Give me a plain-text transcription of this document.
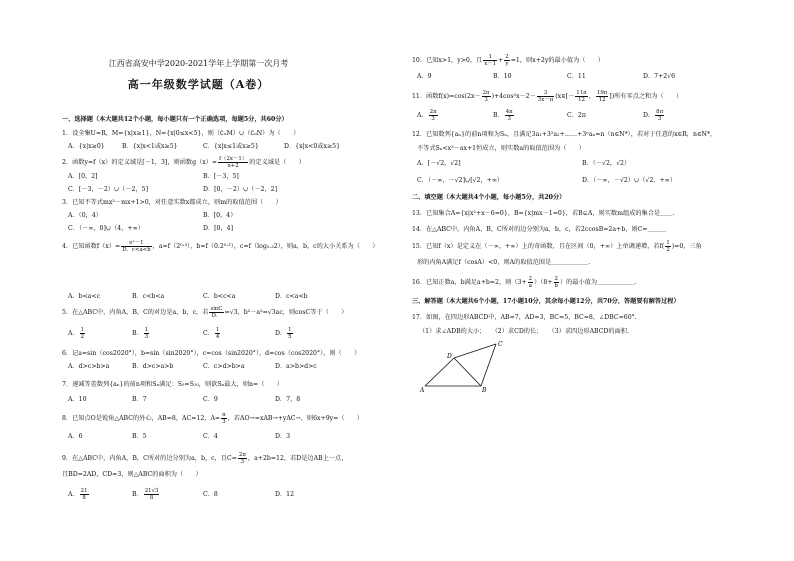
江西省高安中学2020-2021学年上学期第一次月考
高一年级数学试题（A卷）
一、选择题（本大题共12个小题，每小题只有一个正确选项，每题5分，共60分）
1．设全集U=R，M={x|x≥1}，N={x|0≤x<5}，则（∁ᵤM）∪（∁ᵤN）为（　　）
A．{x|x≥0}	B．{x|x<1或x≥5}	C．{x|x≤1或x≥5}	D．{x|x<0或x≥5}
2．函数y=f（x）的定义域是[－1，3]，则函数$g(x)= \frac{f(2x-1)}{x+2}$ 的定义域是（　　）
A．[0，2]	B．[－3，5]
C．[－3，－2）∪（－2，5]	D．[0，－2）∪（－2，2]
3．已知不等式mx²－mx+1>0，对任意实数x都成立，则m的取值范围（　　）
A．（0，4）	B．[0，4）
C．（－∞，0]∪（4，+∞）	D．[0，4]
4．已知函数$f(x)= \frac{\text{eˣ－1}}{D.c<a<b}$ ，a=f（2⁰·³），b=f（0.2⁰·³），c=f（log₀.₃2），则a，b，c的大小关系为（　　）
A．b<a<c	B．c<b<a	C．b<c<a	D．c<a<b
5．在△ABC中，内角A，B，C的对边是a，b，c，若 $\frac{\sin C}{D.} =√3$，b²－a²=√3ac，则cosC等于（　　）
A． $\frac{1}{2}$	B． $\frac{1}{3}$	C． $\frac{1}{4}$	D． $\frac{1}{5}$
6．记a=sin（cos2020°），b=sin（sin2020°），c=cos（sin2020°），d=cos（cos2020°），则（　　）
A．d>c>b>a	B．d>c>a>b	C．c>d>b>a	D．a>b>d>c
7．递减等差数列{aₙ}的前n项和Sₙ满足：S₅=S₁₀，则欲Sₙ最大，则n=（　　）
A．10	B．7	C．9	D．7，8
8．已知点O是锐角△ABC的外心，AB=8，AC=12，$A= \frac{\pi}{3}$ ，若AO→=xAB→+yAC→，则6x+9y=（　　）
A．6	B．5	C．4	D．3
9．在△ABC中，内角A，B，C所对的边分别为a，b，c，且$C= \frac{2\pi}{3}$ ，a+2b=12，若D是边AB上一点，
且BD=2AD，CD=3，则△ABC的面积为（　　）
A． $\frac{21}{8}$	B． $\frac{21√3}{8}$	C．8	D．12
10．已知x>1，y>0，且 $\frac{1}{x-1} + \frac{2}{y} =1$，则x+2y的最小值为（　　）
A．9	B．10	C．11	D．7+2√6
11．函数$f(x)=\cos(2x- \frac{2\pi}{3} )+4\cos^2x-2- \frac{3}{3x-\pi}$ (x∈[－ $\frac{11\pi}{12}$ ， $\frac{19\pi}{12}$ ])所有零点之和为（　　）
A． $\frac{2\pi}{3}$	B． $\frac{4\pi}{3}$	C．2π	D． $\frac{8\pi}{3}$
12．已知数列{aₙ}的前n项和为Sₙ，且满足3a₁+3²a₂+……+3ⁿaₙ=n（n∈N*），若对于任意的x∈R，n∈N*，
不等式Sₙ<x²－ax+1恒成立，则实数a的取值范围为（　　）
A．[－√2，√2]	B．（－√2，√2）
C．（－∞，－√2]∪[√2，+∞）	D．（－∞，－√2）∪（√2，+∞）
二、填空题（本大题共4个小题，每小题5分，共20分）
13．已知集合A={x|x²+x－6=0}，B={x|mx－1=0}，若B⊊A，则实数m组成的集合是＿＿.
14．在△ABC中，内角A，B，C所对的边分别为a，b，c，若2ccosB=2a+b，则C=＿＿＿
15．已知f（x）是定义在（－∞，+∞）上的奇函数，且在区间（0，+∞）上单调递增，若$f( \frac{1}{2} )=0$，三角
形的内角A满足f（cosA）<0，则A的取值范围是＿＿＿＿＿＿.
16．已知正数a，b满足a+b=2，则$(3+ \frac{2}{a} )(8+ \frac{2}{b}$ ）的最小值为＿＿＿＿＿＿.
三、解答题（本大题共6个小题，17小题10分，其余每小题12分，共70分，答题要有解答过程）
17．如图，在四边形ABCD中，AB=7，AD=3，BC=5，BC=8，∠DBC=60°.
（1）求∠ADB的大小；　　（2）求CD的长；　　（3）求四边形ABCD的面积.
A	B
C
D
